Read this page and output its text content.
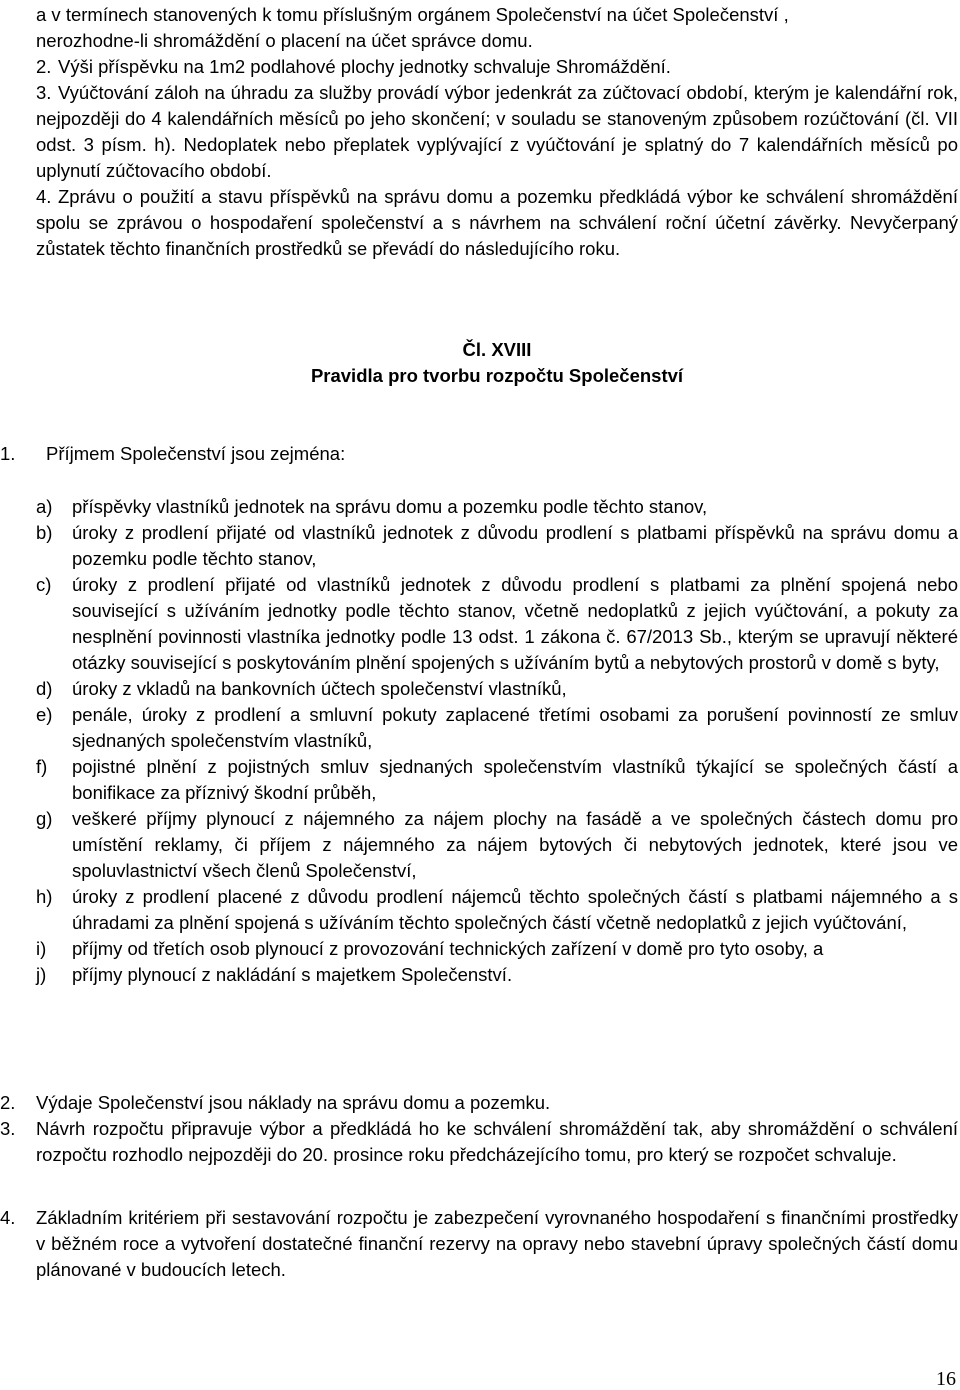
a v termínech stanovených k tomu příslušným orgánem Společenství na účet Společenství ,
nerozhodne-li shromáždění o placení na účet správce domu.
2. Výši příspěvku na 1m2 podlahové plochy jednotky schvaluje Shromáždění.
3. Vyúčtování záloh na úhradu za služby provádí výbor jedenkrát za zúčtovací období, kterým je kalendářní rok, nejpozději do 4 kalendářních měsíců po jeho skončení; v souladu se stanoveným způsobem rozúčtování (čl. VII odst. 3 písm. h). Nedoplatek nebo přeplatek vyplývající z vyúčtování je splatný do 7 kalendářních měsíců po uplynutí zúčtovacího období.

4. Zprávu o použití a stavu příspěvků na správu domu a pozemku předkládá výbor ke schválení shromáždění spolu se zprávou o hospodaření společenství a s návrhem na schválení roční účetní závěrky. Nevyčerpaný zůstatek těchto finančních prostředků se převádí do následujícího roku.

Čl. XVIII
Pravidla pro tvorbu rozpočtu Společenství
1. Příjmem Společenství jsou zejména:
a)	příspěvky vlastníků jednotek na správu domu a pozemku podle těchto stanov,
b)	úroky z prodlení přijaté od vlastníků jednotek z důvodu prodlení s platbami příspěvků na správu domu a pozemku podle těchto stanov,
c)	úroky z prodlení přijaté od vlastníků jednotek z důvodu prodlení s platbami za plnění spojená nebo související s užíváním jednotky podle těchto stanov, včetně nedoplatků z jejich vyúčtování, a pokuty za nesplnění povinnosti vlastníka jednotky podle 13 odst. 1 zákona č. 67/2013 Sb., kterým se upravují některé otázky související s poskytováním plnění spojených s užíváním bytů a nebytových prostorů v domě s byty,
d)	úroky z vkladů na bankovních účtech společenství vlastníků,
e)	penále, úroky z prodlení a smluvní pokuty zaplacené třetími osobami za porušení povinností ze smluv sjednaných společenstvím vlastníků,
f)	pojistné plnění z pojistných smluv sjednaných společenstvím vlastníků týkající se společných částí a bonifikace za příznivý škodní průběh,
g)	veškeré příjmy plynoucí z nájemného za nájem plochy na fasádě a ve společných částech domu pro umístění reklamy, či příjem z nájemného za nájem bytových či nebytových jednotek, které jsou ve spoluvlastnictví všech členů Společenství,
h)	úroky z prodlení placené z důvodu prodlení nájemců těchto společných částí s platbami nájemného a s úhradami za plnění spojená s užíváním těchto společných částí včetně nedoplatků z jejich vyúčtování,
i)	příjmy od třetích osob plynoucí z provozování technických zařízení v domě pro tyto osoby, a
j)	příjmy plynoucí z nakládání s majetkem Společenství.
2. Výdaje Společenství jsou náklady na správu domu a pozemku.
3. Návrh rozpočtu připravuje výbor a předkládá ho ke schválení shromáždění tak, aby shromáždění o schválení rozpočtu rozhodlo nejpozději do 20. prosince roku předcházejícího tomu, pro který se rozpočet schvaluje.

4. Základním kritériem při sestavování rozpočtu je zabezpečení vyrovnaného hospodaření s finančními prostředky v běžném roce a vytvoření dostatečné finanční rezervy na opravy nebo stavební úpravy společných částí domu plánované v budoucích letech.

16
